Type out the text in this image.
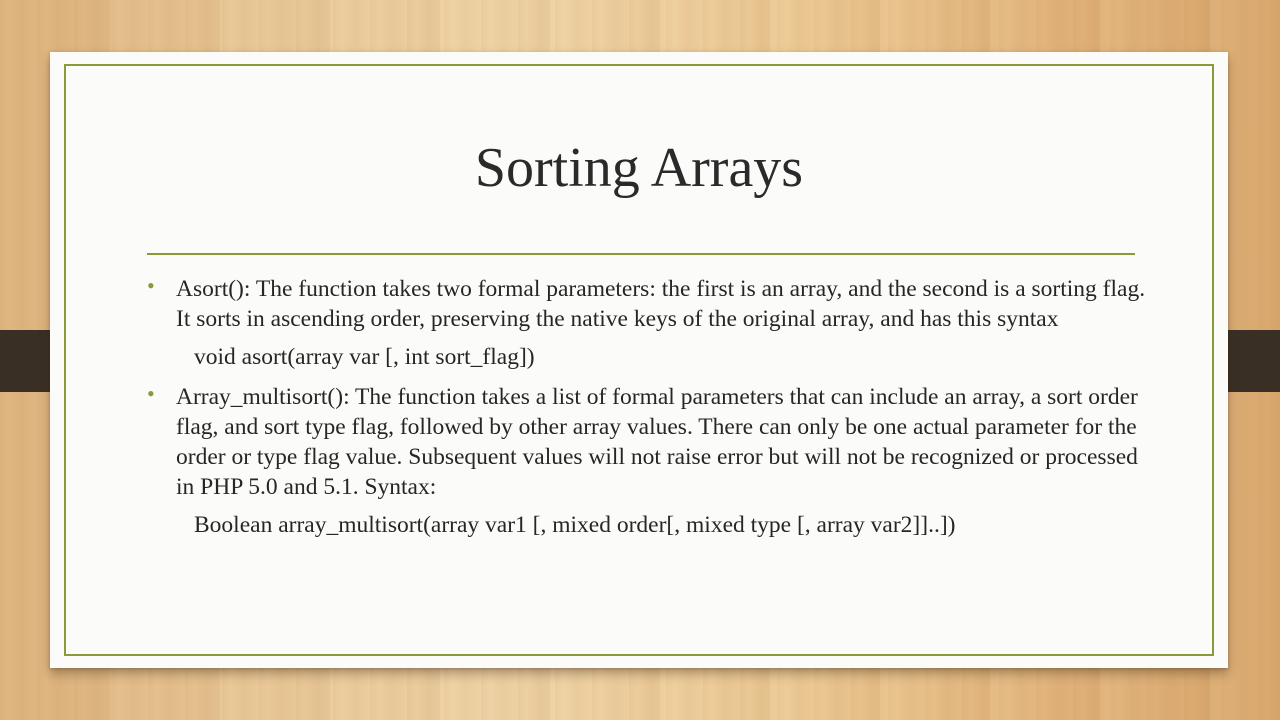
Sorting Arrays

• Asort(): The function takes two formal parameters: the first is an array, and the second is a sorting flag. It sorts in ascending order, preserving the native keys of the original array, and has this syntax

void asort(array var [, int sort_flag])

• Array_multisort(): The function takes a list of formal parameters that can include an array, a sort order flag, and sort type flag, followed by other array values. There can only be one actual parameter for the order or type flag value. Subsequent values will not raise error but will not be recognized or processed in PHP 5.0 and 5.1. Syntax:

Boolean array_multisort(array var1 [, mixed order[, mixed type [, array var2]]..])
